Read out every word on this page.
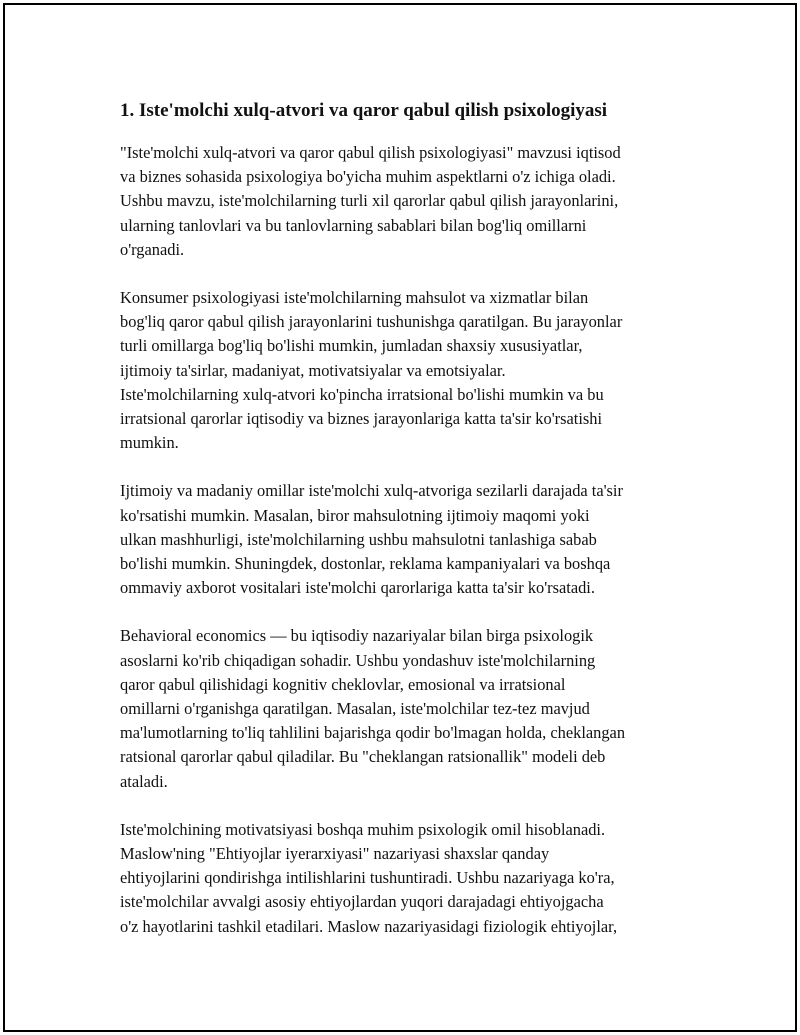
1. Iste'molchi xulq-atvori va qaror qabul qilish psixologiyasi
"Iste'molchi xulq-atvori va qaror qabul qilish psixologiyasi" mavzusi iqtisod
va biznes sohasida psixologiya bo'yicha muhim aspektlarni o'z ichiga oladi.
Ushbu mavzu, iste'molchilarning turli xil qarorlar qabul qilish jarayonlarini,
ularning tanlovlari va bu tanlovlarning sabablari bilan bog'liq omillarni
o'rganadi.
Konsumer psixologiyasi iste'molchilarning mahsulot va xizmatlar bilan
bog'liq qaror qabul qilish jarayonlarini tushunishga qaratilgan. Bu jarayonlar
turli omillarga bog'liq bo'lishi mumkin, jumladan shaxsiy xususiyatlar,
ijtimoiy ta'sirlar, madaniyat, motivatsiyalar va emotsiyalar.
Iste'molchilarning xulq-atvori ko'pincha irratsional bo'lishi mumkin va bu
irratsional qarorlar iqtisodiy va biznes jarayonlariga katta ta'sir ko'rsatishi
mumkin.
Ijtimoiy va madaniy omillar iste'molchi xulq-atvoriga sezilarli darajada ta'sir
ko'rsatishi mumkin. Masalan, biror mahsulotning ijtimoiy maqomi yoki
ulkan mashhurligi, iste'molchilarning ushbu mahsulotni tanlashiga sabab
bo'lishi mumkin. Shuningdek, dostonlar, reklama kampaniyalari va boshqa
ommaviy axborot vositalari iste'molchi qarorlariga katta ta'sir ko'rsatadi.
Behavioral economics — bu iqtisodiy nazariyalar bilan birga psixologik
asoslarni ko'rib chiqadigan sohadir. Ushbu yondashuv iste'molchilarning
qaror qabul qilishidagi kognitiv cheklovlar, emosional va irratsional
omillarni o'rganishga qaratilgan. Masalan, iste'molchilar tez-tez mavjud
ma'lumotlarning to'liq tahlilini bajarishga qodir bo'lmagan holda, cheklangan
ratsional qarorlar qabul qiladilar. Bu "cheklangan ratsionallik" modeli deb
ataladi.
Iste'molchining motivatsiyasi boshqa muhim psixologik omil hisoblanadi.
Maslow'ning "Ehtiyojlar iyerarxiyasi" nazariyasi shaxslar qanday
ehtiyojlarini qondirishga intilishlarini tushuntiradi. Ushbu nazariyaga ko'ra,
iste'molchilar avvalgi asosiy ehtiyojlardan yuqori darajadagi ehtiyojgacha
o'z hayotlarini tashkil etadilari. Maslow nazariyasidagi fiziologik ehtiyojlar,
